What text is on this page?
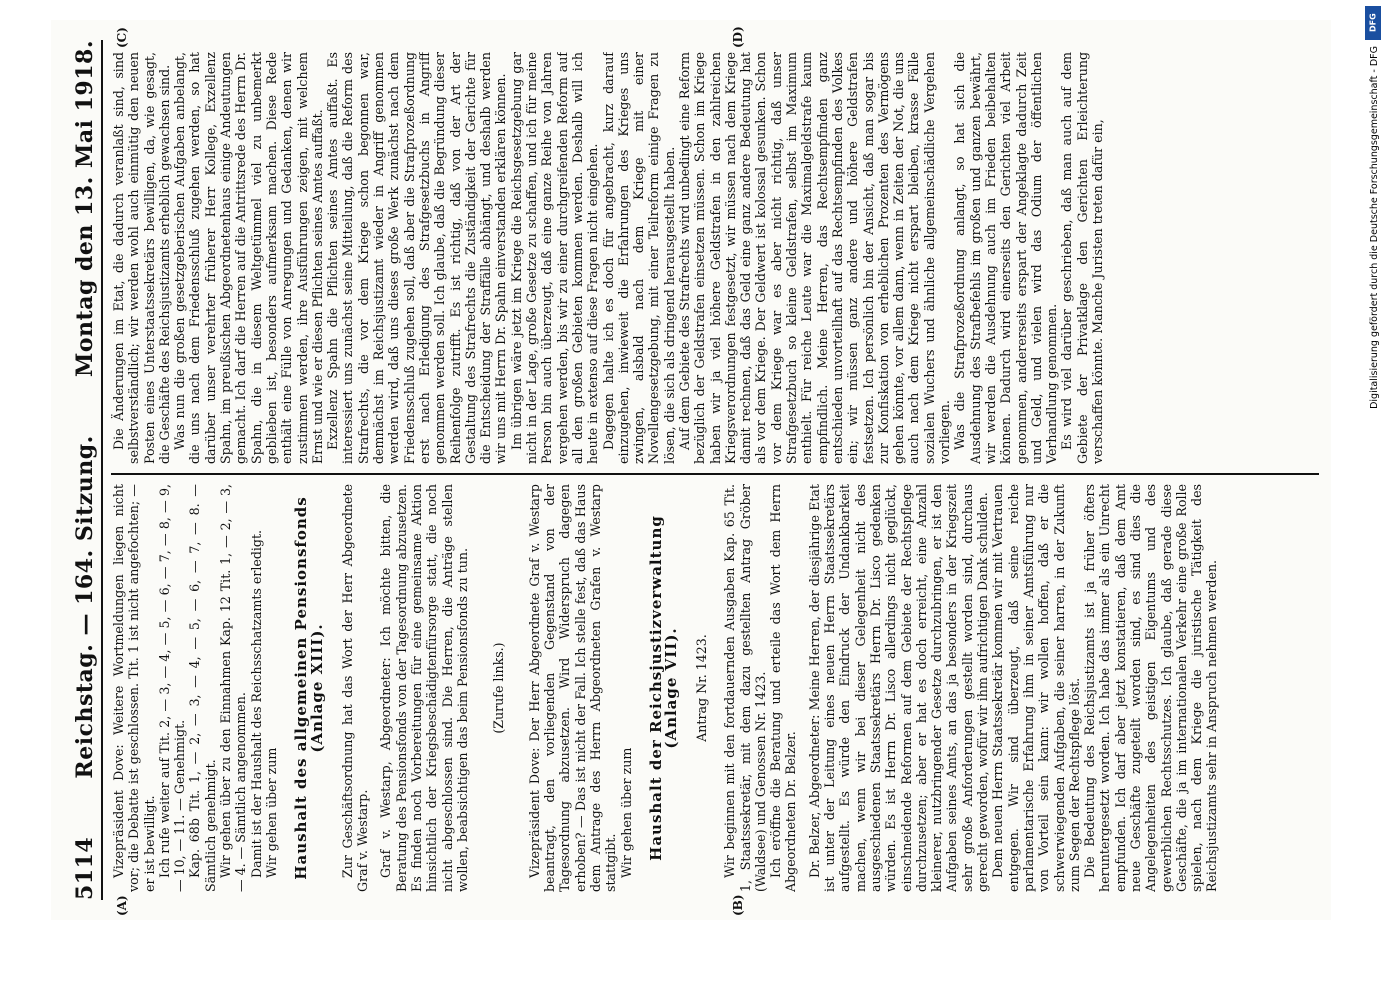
5114
Reichstag. — 164. Sitzung.
Montag den 13. Mai 1918.
(A)	(B)
(C)	(D)

Vizepräsident Dove: Weitere Wortmeldungen liegen nicht vor; die Debatte ist geschlossen. Tit. 1 ist nicht angefochten; — er ist bewilligt. Ich rufe weiter auf Tit. 2, — 3, — 4, — 5, — 6, — 7, — 8, — 9, — 10, — 11. — Genehmigt. Kap. 68b Tit. 1, — 2, — 3, — 4, — 5, — 6, — 7, — 8. — Sämtlich genehmigt. Wir gehen über zu den Einnahmen Kap. 12 Tit. 1, — 2, — 3, — 4. — Sämtlich angenommen. Damit ist der Haushalt des Reichsschatzamts erledigt. Wir gehen über zum Haushalt des allgemeinen Pensionsfonds (Anlage XIII). Zur Geschäftsordnung hat das Wort der Herr Abgeordnete Graf v. Westarp. Graf v. Westarp, Abgeordneter: Ich möchte bitten, die Beratung des Pensionsfonds von der Tagesordnung abzusetzen. Es finden noch Vorbereitungen für eine gemeinsame Aktion hinsichtlich der Kriegsbeschädigtenfürsorge statt, die noch nicht abgeschlossen sind. Die Herren, die Anträge stellen wollen, beabsichtigen das beim Pensionsfonds zu tun. (Zurufe links.) Vizepräsident Dove: Der Herr Abgeordnete Graf v. Westarp beantragt, den vorliegenden Gegenstand von der Tagesordnung abzusetzen. Wird Widerspruch dagegen erhoben? — Das ist nicht der Fall. Ich stelle fest, daß das Haus dem Antrage des Herrn Abgeordneten Grafen v. Westarp stattgibt. Wir gehen über zum Haushalt der Reichsjustizverwaltung (Anlage VII). Antrag Nr. 1423. Wir beginnen mit den fortdauernden Ausgaben Kap. 65 Tit. 1, Staatssekretär, mit dem dazu gestellten Antrag Gröber (Waldsee) und Genossen Nr. 1423. Ich eröffne die Beratung und erteile das Wort dem Herrn Abgeordneten Dr. Belzer. Dr. Belzer, Abgeordneter: Meine Herren, der diesjährige Etat ist unter der Leitung eines neuen Herrn Staatssekretärs aufgestellt. Es würde den Eindruck der Undankbarkeit machen, wenn wir bei dieser Gelegenheit nicht des ausgeschiedenen Staatssekretärs Herrn Dr. Lisco gedenken würden. Es ist Herrn Dr. Lisco allerdings nicht geglückt, einschneidende Reformen auf dem Gebiete der Rechtspflege durchzusetzen; aber er hat es doch erreicht, eine Anzahl kleinerer, nutzbringender Gesetze durchzubringen, er ist den Aufgaben seines Amts, an das ja besonders in der Kriegszeit sehr große Anforderungen gestellt worden sind, durchaus gerecht geworden, wofür wir ihm aufrichtigen Dank schulden. Dem neuen Herrn Staatssekretär kommen wir mit Vertrauen entgegen. Wir sind überzeugt, daß seine reiche parlamentarische Erfahrung ihm in seiner Amtsführung nur von Vorteil sein kann: wir wollen hoffen, daß er die schwerwiegenden Aufgaben, die seiner harren, in der Zukunft zum Segen der Rechtspflege löst. Die Bedeutung des Reichsjustizamts ist ja früher öfters heruntergesetzt worden. Ich habe das immer als ein Unrecht empfunden. Ich darf aber jetzt konstatieren, daß dem Amt neue Geschäfte zugeteilt worden sind, es sind dies die Angelegenheiten des geistigen Eigentums und des gewerblichen Rechtsschutzes. Ich glaube, daß gerade diese Geschäfte, die ja im internationalen Verkehr eine große Rolle spielen, nach dem Kriege die juristische Tätigkeit des Reichsjustizamts sehr in Anspruch nehmen werden.

Die Änderungen im Etat, die dadurch veranlaßt sind, sind selbstverständlich; wir werden wohl auch einmütig den neuen Posten eines Unterstaatssekretärs bewilligen, da, wie gesagt, die Geschäfte des Reichsjustizamts erheblich gewachsen sind. Was nun die großen gesetzgeberischen Aufgaben anbelangt, die uns nach dem Friedensschluß zugehen werden, so hat darüber unser verehrter früherer Herr Kollege, Exzellenz Spahn, im preußischen Abgeordnetenhaus einige Andeutungen gemacht. Ich darf die Herren auf die Antrittsrede des Herrn Dr. Spahn, die in diesem Weltgetümmel viel zu unbemerkt geblieben ist, besonders aufmerksam machen. Diese Rede enthält eine Fülle von Anregungen und Gedanken, denen wir zustimmen werden, ihre Ausführungen zeigen, mit welchem Ernst und wie er diesen Pflichten seines Amtes auffaßt. Exzellenz Spahn die Pflichten seines Amtes auffaßt. Es interessiert uns zunächst seine Mitteilung, daß die Reform des Strafrechts, die vor dem Kriege schon begonnen war, demnächst im Reichsjustizamt wieder in Angriff genommen werden wird, daß uns dieses große Werk zunächst nach dem Friedensschluß zugehen soll, daß aber die Strafprozeßordnung erst nach Erledigung des Strafgesetzbuchs in Angriff genommen werden soll. Ich glaube, daß die Begründung dieser Reihenfolge zutrifft. Es ist richtig, daß von der Art der Gestaltung des Strafrechts die Zuständigkeit der Gerichte für die Entscheidung der Straffälle abhängt, und deshalb werden wir uns mit Herrn Dr. Spahn einverstanden erklären können. Im übrigen wäre jetzt im Kriege die Reichsgesetzgebung gar nicht in der Lage, große Gesetze zu schaffen, und ich für meine Person bin auch überzeugt, daß eine ganze Reihe von Jahren vergehen werden, bis wir zu einer durchgreifenden Reform auf all den großen Gebieten kommen werden. Deshalb will ich heute in extenso auf diese Fragen nicht eingehen. Dagegen halte ich es doch für angebracht, kurz darauf einzugehen, inwieweit die Erfahrungen des Krieges uns zwingen, alsbald nach dem Kriege mit einer Novellengesetzgebung, mit einer Teilreform einige Fragen zu lösen, die sich als dringend herausgestellt haben. Auf dem Gebiete des Strafrechts wird unbedingt eine Reform bezüglich der Geldstrafen einsetzen müssen. Schon im Kriege haben wir ja viel höhere Geldstrafen in den zahlreichen Kriegsverordnungen festgesetzt, wir müssen nach dem Kriege damit rechnen, daß das Geld eine ganz andere Bedeutung hat als vor dem Kriege. Der Geldwert ist kolossal gesunken. Schon vor dem Kriege war es aber nicht richtig, daß unser Strafgesetzbuch so kleine Geldstrafen, selbst im Maximum enthielt. Für reiche Leute war die Maximalgeldstrafe kaum empfindlich. Meine Herren, das Rechtsempfinden ganz entschieden unvorteilhaft auf das Rechtsempfinden des Volkes ein; wir müssen ganz andere und höhere Geldstrafen festsetzen. Ich persönlich bin der Ansicht, daß man sogar bis zur Konfiskation von erheblichen Prozenten des Vermögens gehen könnte, vor allem dann, wenn in Zeiten der Not, die uns auch nach dem Kriege nicht erspart bleiben, krasse Fälle sozialen Wuchers und ähnliche allgemeinschädliche Vergehen vorliegen. Was die Strafprozeßordnung anlangt, so hat sich die Ausdehnung des Strafbefehls im großen und ganzen bewährt, wir werden die Ausdehnung auch im Frieden beibehalten können. Dadurch wird einerseits den Gerichten viel Arbeit genommen, andererseits erspart der Angeklagte dadurch Zeit und Geld, und vielen wird das Odium der öffentlichen Verhandlung genommen. Es wird viel darüber geschrieben, daß man auch auf dem Gebiete der Privatklage den Gerichten Erleichterung verschaffen könnte. Manche Juristen treten dafür ein,

DFG
Digitalisierung gefördert durch die Deutsche Forschungsgemeinschaft - DFG
